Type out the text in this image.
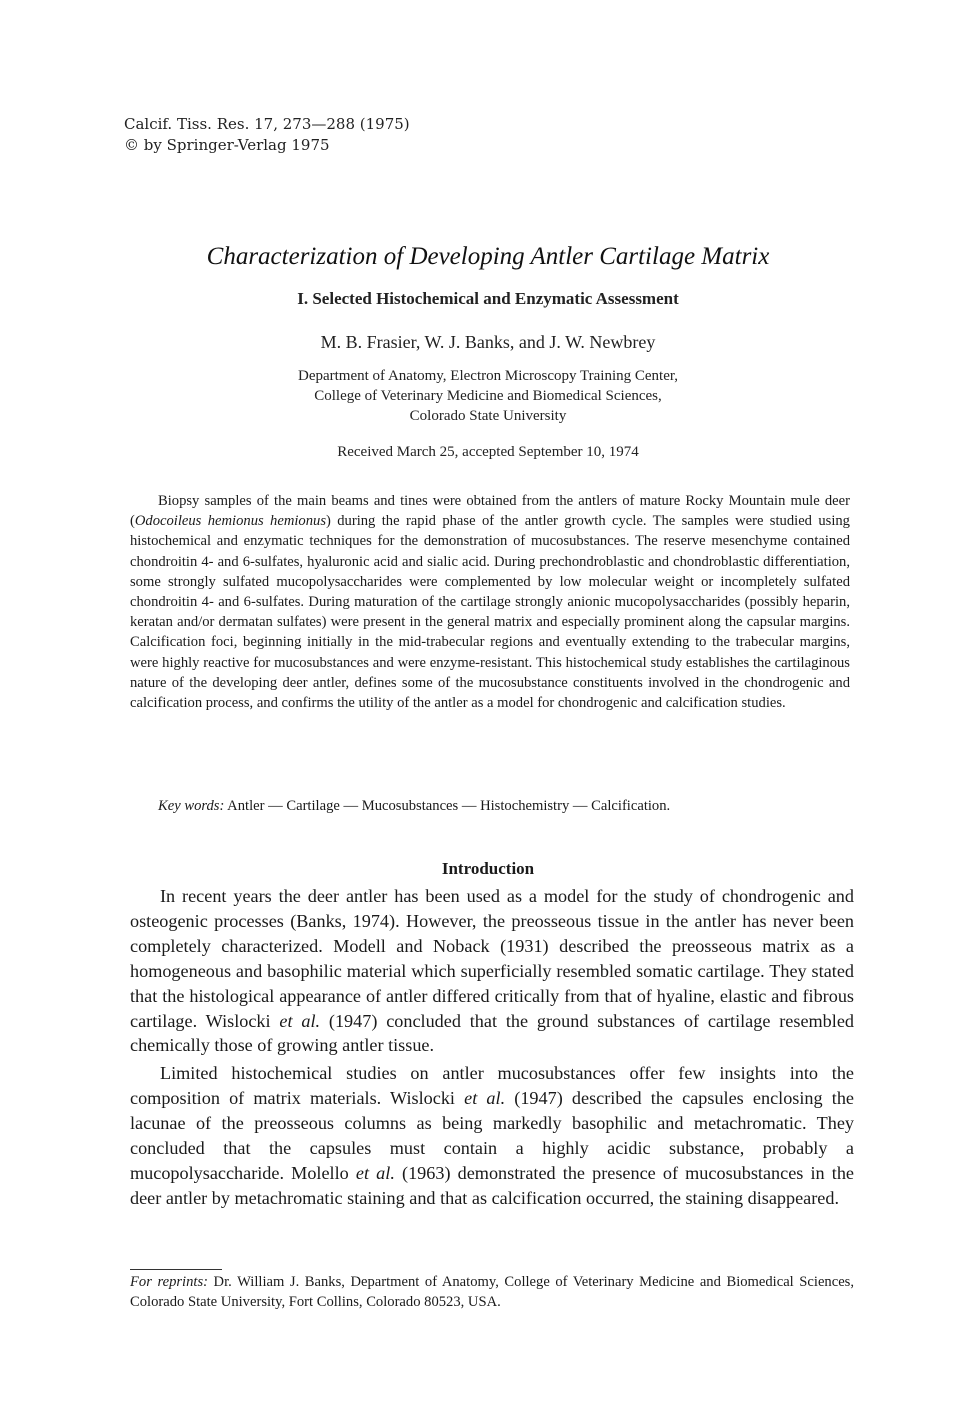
Calcif. Tiss. Res. 17, 273—288 (1975)
© by Springer-Verlag 1975
Characterization of Developing Antler Cartilage Matrix
I. Selected Histochemical and Enzymatic Assessment
M. B. Frasier, W. J. Banks, and J. W. Newbrey
Department of Anatomy, Electron Microscopy Training Center,
College of Veterinary Medicine and Biomedical Sciences,
Colorado State University
Received March 25, accepted September 10, 1974

Biopsy samples of the main beams and tines were obtained from the antlers of mature Rocky Mountain mule deer (Odocoileus hemionus hemionus) during the rapid phase of the antler growth cycle. The samples were studied using histochemical and enzymatic techniques for the demonstration of mucosubstances. The reserve mesenchyme contained chondroitin 4- and 6-sulfates, hyaluronic acid and sialic acid. During prechondroblastic and chondroblastic differentiation, some strongly sulfated mucopolysaccharides were complemented by low molecular weight or incompletely sulfated chondroitin 4- and 6-sulfates. During maturation of the cartilage strongly anionic mucopolysaccharides (possibly heparin, keratan and/or dermatan sulfates) were present in the general matrix and especially prominent along the capsular margins. Calcification foci, beginning initially in the mid-trabecular regions and eventually extending to the trabecular margins, were highly reactive for mucosubstances and were enzyme-resistant. This histochemical study establishes the cartilaginous nature of the developing deer antler, defines some of the mucosubstance constituents involved in the chondrogenic and calcification process, and confirms the utility of the antler as a model for chondrogenic and calcification studies.

Key words: Antler — Cartilage — Mucosubstances — Histochemistry — Calcification.
Introduction

In recent years the deer antler has been used as a model for the study of chondrogenic and osteogenic processes (Banks, 1974). However, the preosseous tissue in the antler has never been completely characterized. Modell and Noback (1931) described the preosseous matrix as a homogeneous and basophilic material which superficially resembled somatic cartilage. They stated that the histological appearance of antler differed critically from that of hyaline, elastic and fibrous cartilage. Wislocki et al. (1947) concluded that the ground substances of cartilage resembled chemically those of growing antler tissue.

Limited histochemical studies on antler mucosubstances offer few insights into the composition of matrix materials. Wislocki et al. (1947) described the capsules enclosing the lacunae of the preosseous columns as being markedly basophilic and metachromatic. They concluded that the capsules must contain a highly acidic substance, probably a mucopolysaccharide. Molello et al. (1963) demonstrated the presence of mucosubstances in the deer antler by metachromatic staining and that as calcification occurred, the staining disappeared.

For reprints: Dr. William J. Banks, Department of Anatomy, College of Veterinary Medicine and Biomedical Sciences, Colorado State University, Fort Collins, Colorado 80523, USA.
